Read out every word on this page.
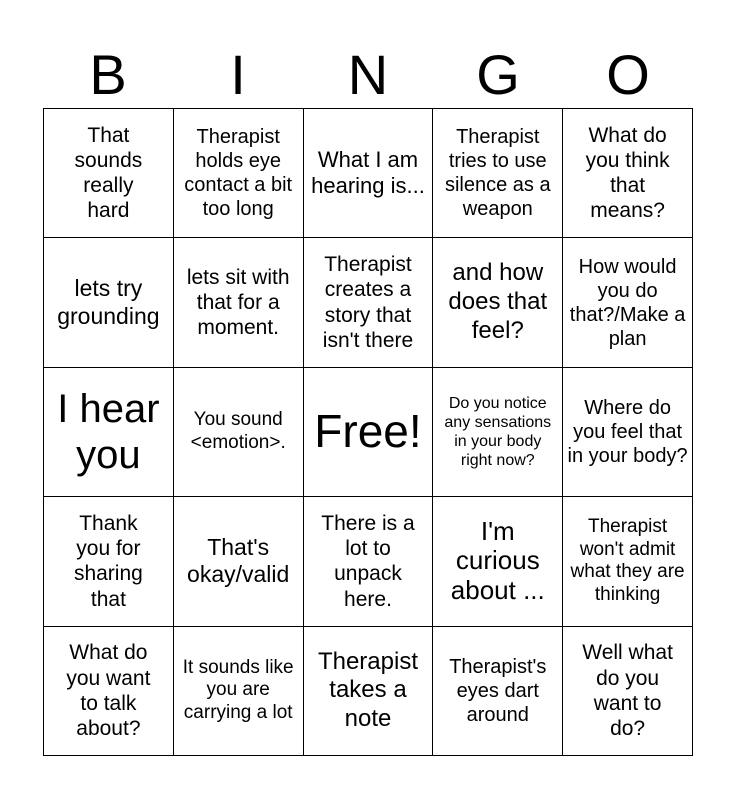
B	I	N	G	O
That sounds really hard
Therapist holds eye contact a bit too long
What I am hearing is...
Therapist tries to use silence as a weapon
What do you think that means?
lets try grounding
lets sit with that for a moment.
Therapist creates a story that isn't there
and how does that feel?
How would you do that?/Make a plan
I hear you
You sound <emotion>. Free!
Do you notice any sensations in your body right now?
Where do you feel that in your body?
Thank you for sharing that
That's okay/valid
There is a lot to unpack here.
I'm curious about ...
Therapist won't admit what they are thinking
What do you want to talk about?
It sounds like you are carrying a lot
Therapist takes a note
Therapist's eyes dart around
Well what do you want to do?
